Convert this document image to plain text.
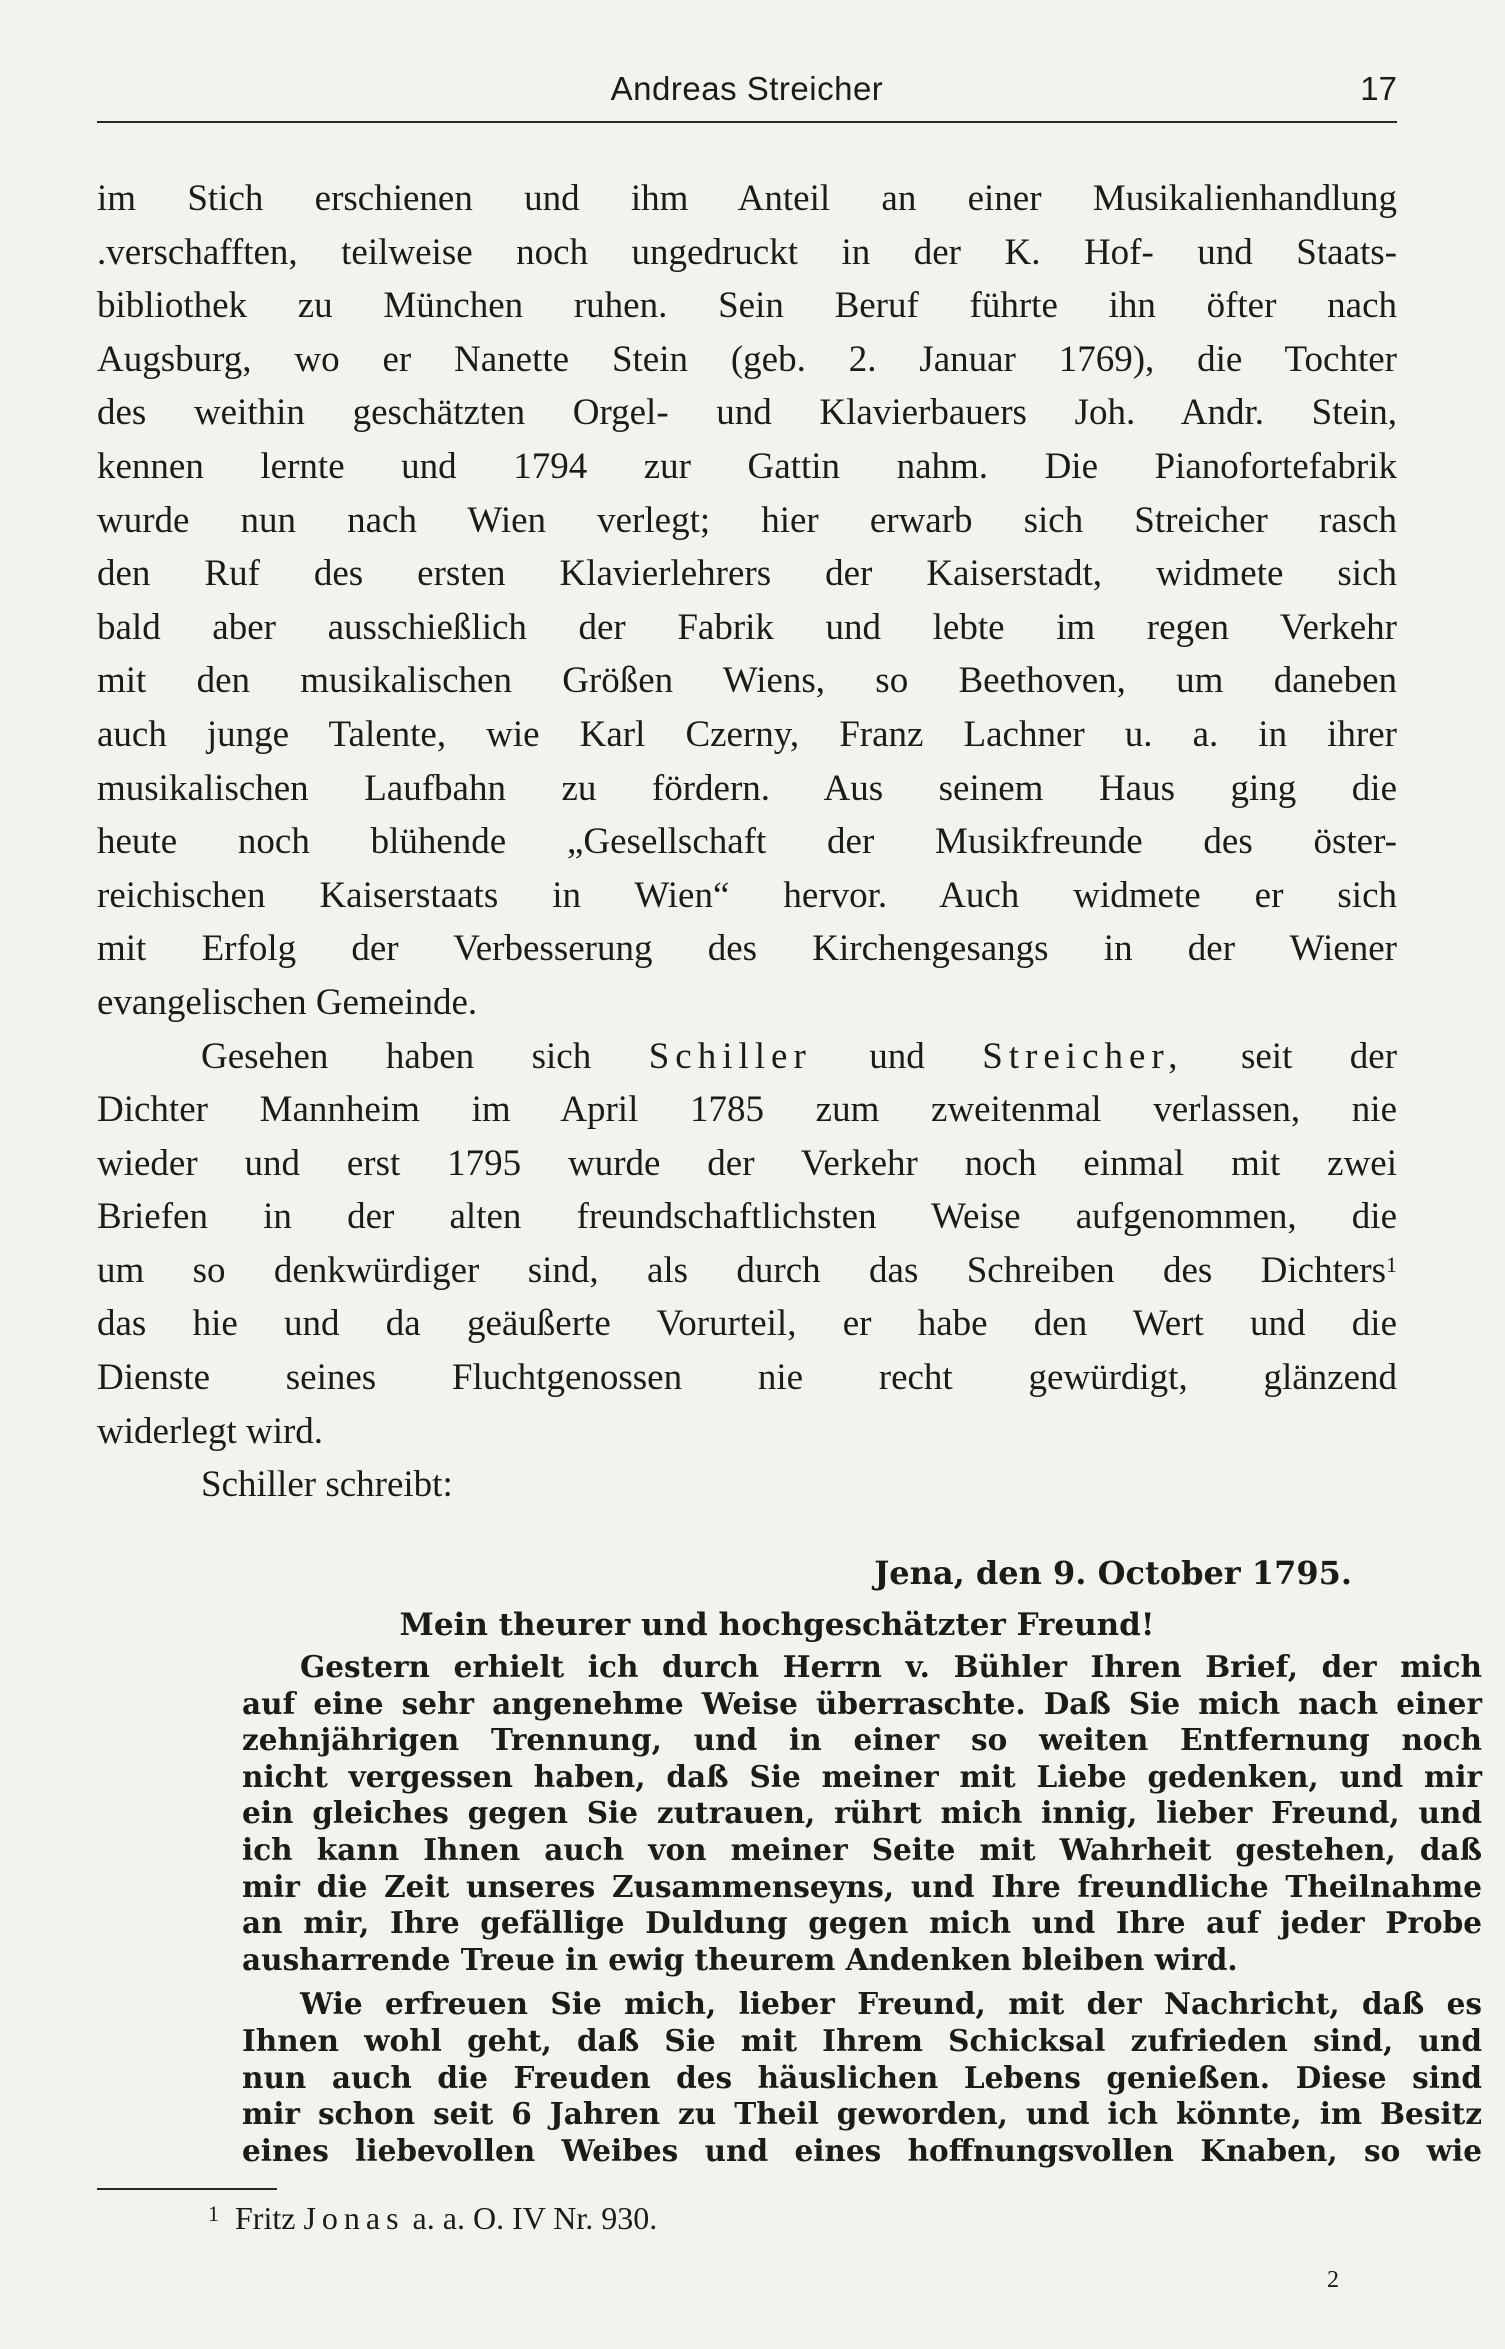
Andreas Streicher	17
im Stich erschienen und ihm Anteil an einer Musikalienhandlung
.verschafften, teilweise noch ungedruckt in der K. Hof- und Staats-
bibliothek zu München ruhen. Sein Beruf führte ihn öfter nach
Augsburg, wo er Nanette Stein (geb. 2. Januar 1769), die Tochter
des weithin geschätzten Orgel- und Klavierbauers Joh. Andr. Stein,
kennen lernte und 1794 zur Gattin nahm. Die Pianofortefabrik
wurde nun nach Wien verlegt; hier erwarb sich Streicher rasch
den Ruf des ersten Klavierlehrers der Kaiserstadt, widmete sich
bald aber ausschießlich der Fabrik und lebte im regen Verkehr
mit den musikalischen Größen Wiens, so Beethoven, um daneben
auch junge Talente, wie Karl Czerny, Franz Lachner u. a. in ihrer
musikalischen Laufbahn zu fördern. Aus seinem Haus ging die
heute noch blühende „Gesellschaft der Musikfreunde des öster-
reichischen Kaiserstaats in Wien“ hervor. Auch widmete er sich
mit Erfolg der Verbesserung des Kirchengesangs in der Wiener
evangelischen Gemeinde.
Gesehen haben sich Schiller und Streicher, seit der
Dichter Mannheim im April 1785 zum zweitenmal verlassen, nie
wieder und erst 1795 wurde der Verkehr noch einmal mit zwei
Briefen in der alten freundschaftlichsten Weise aufgenommen, die
um so denkwürdiger sind, als durch das Schreiben des Dichters$^1$
das hie und da geäußerte Vorurteil, er habe den Wert und die
Dienste seines Fluchtgenossen nie recht gewürdigt, glänzend
widerlegt wird.
Schiller schreibt:
Jena, den 9. October 1795.
Mein theurer und hochgeschätzter Freund!
Gestern erhielt ich durch Herrn v. Bühler Ihren Brief, der mich
auf eine sehr angenehme Weise überraschte. Daß Sie mich nach einer
zehnjährigen Trennung, und in einer so weiten Entfernung noch
nicht vergessen haben, daß Sie meiner mit Liebe gedenken, und mir
ein gleiches gegen Sie zutrauen, rührt mich innig, lieber Freund, und
ich kann Ihnen auch von meiner Seite mit Wahrheit gestehen, daß
mir die Zeit unseres Zusammenseyns, und Ihre freundliche Theilnahme
an mir, Ihre gefällige Duldung gegen mich und Ihre auf jeder Probe
ausharrende Treue in ewig theurem Andenken bleiben wird.
Wie erfreuen Sie mich, lieber Freund, mit der Nachricht, daß es
Ihnen wohl geht, daß Sie mit Ihrem Schicksal zufrieden sind, und
nun auch die Freuden des häuslichen Lebens genießen. Diese sind
mir schon seit 6 Jahren zu Theil geworden, und ich könnte, im Besitz
eines liebevollen Weibes und eines hoffnungsvollen Knaben, so wie
$^1$ Fritz Jonas a. a. O. IV Nr. 930.
2
